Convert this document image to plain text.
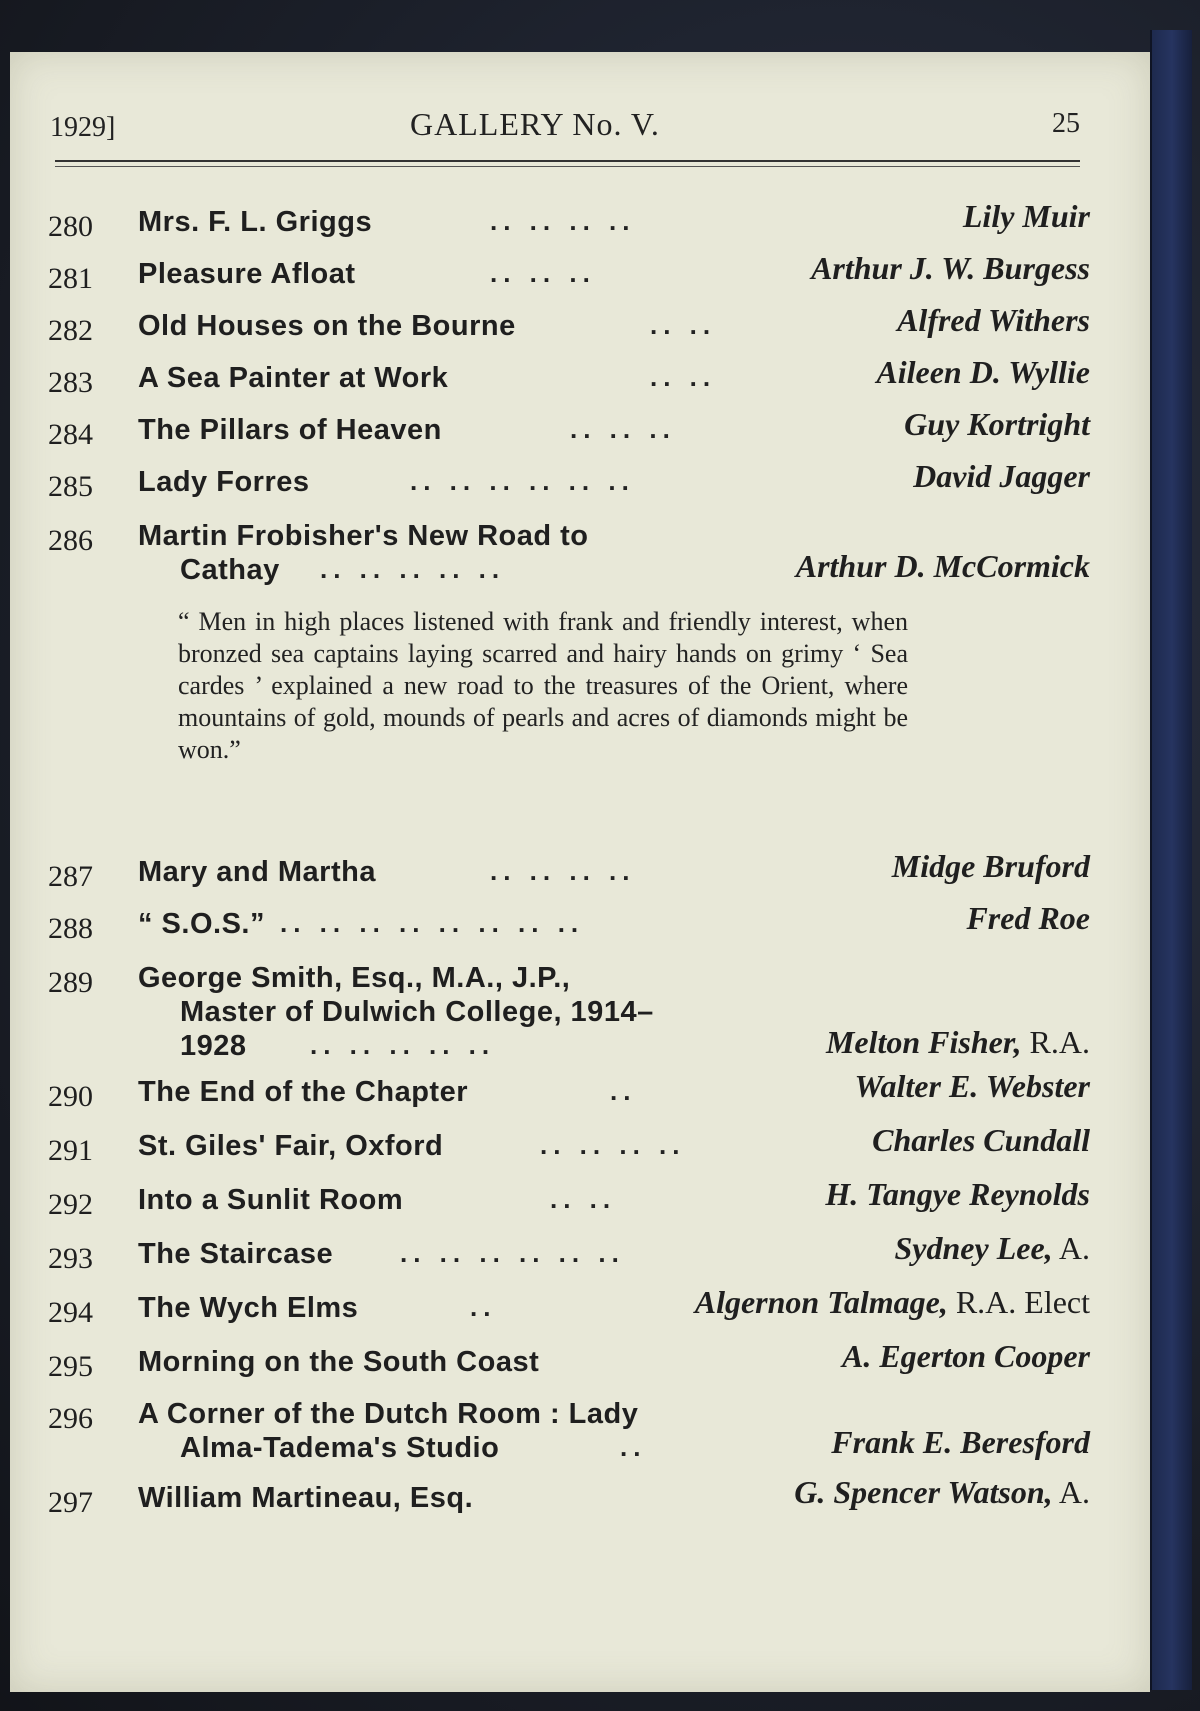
1929]	GALLERY No. V.	25
280 Mrs. F. L. Griggs	.. .. .. ..	Lily Muir
281 Pleasure Afloat	.. .. ..	Arthur J. W. Burgess
282 Old Houses on the Bourne	.. ..	Alfred Withers
283 A Sea Painter at Work	.. ..	Aileen D. Wyllie
284 The Pillars of Heaven	.. .. ..	Guy Kortright
285 Lady Forres	.. .. .. .. .. ..	David Jagger
286 Martin Frobisher's New Road to
Cathay .. .. .. .. ..	Arthur D. McCormick
“ Men in high places listened with frank and friendly interest, when bronzed sea captains laying scarred and hairy hands on grimy ‘ Sea cardes ’ explained a new road to the treasures of the Orient, where mountains of gold, mounds of pearls and acres of diamonds might be won.”
287 Mary and Martha	.. .. .. ..	Midge Bruford
288 “ S.O.S.” .. .. .. .. .. .. .. ..	Fred Roe
289 George Smith, Esq., M.A., J.P.,
Master of Dulwich College, 1914–
1928 .. .. .. .. ..	Melton Fisher, R.A.
290 The End of the Chapter	..	Walter E. Webster
291 St. Giles' Fair, Oxford	.. .. .. ..	Charles Cundall
292 Into a Sunlit Room	.. ..	H. Tangye Reynolds
293 The Staircase	.. .. .. .. .. ..	Sydney Lee, A.
294 The Wych Elms	..	Algernon Talmage, R.A. Elect
295 Morning on the South Coast	A. Egerton Cooper
296 A Corner of the Dutch Room : Lady
Alma-Tadema's Studio	..	Frank E. Beresford
297 William Martineau, Esq.	G. Spencer Watson, A.
